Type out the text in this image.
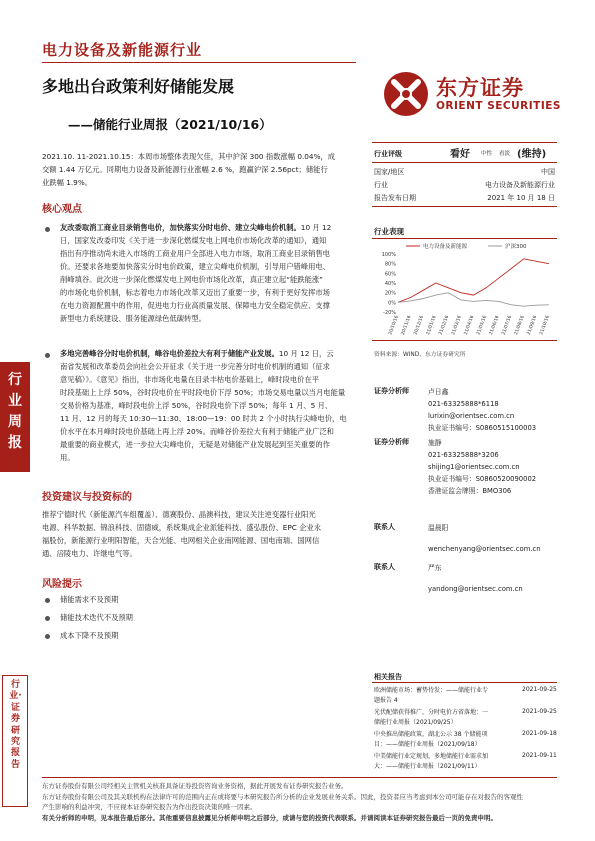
电力设备及新能源行业
多地出台政策利好储能发展
——储能行业周报（2021/10/16）
东方证券
ORIENT SECURITIES
2021.10. 11-2021.10.15：本周市场整体表现欠佳，其中沪深 300 指数涨幅 0.04%，成
交额 1.44 万亿元。同期电力设备及新能源行业涨幅 2.6 %，跑赢沪深 2.56pct；储能行
业跌幅 1.9%。
核心观点
友改委取消工商业目录销售电价，加快落实分时电价、建立尖峰电价机制。10 月 12
日，国家发改委印发《关于进一步深化燃煤发电上网电价市场化改革的通知》，通知
指出有序推动尚未进入市场的工商业用户全部进入电力市场，取消工商业目录销售电
价。还要求各地要加快落实分时电价政策，建立尖峰电价机制，引导用户错峰用电、
削峰填谷。此次进一步深化燃煤发电上网电价市场化改革，真正建立起“能跌能涨”
的市场化电价机制，标志着电力市场化改革又迈出了重要一步，有利于更好发挥市场
在电力资源配置中的作用，促进电力行业高质量发展、保障电力安全稳定供应、支撑
新型电力系统建设、服务能源绿色低碳转型。
多地完善峰谷分时电价机制，峰谷电价差拉大有利于储能产业发展。10 月 12 日，云
南省发展和改革委员会向社会公开征求《关于进一步完善分时电价机制的通知（征求
意见稿）》。《意见》指出，非市场化电量在目录丰枯电价基础上，峰时段电价在平
时段基础上上浮 50%，谷时段电价在平时段电价下浮 50%；市场交易电量以当月电能量
交易价格为基准，峰时段电价上浮 50%，谷时段电价下浮 50%；每年 1 月、5 月、
11 月、12 月的每天 10:30—11:30、18:00—19：00 时共 2 个小时执行尖峰电价，电
价水平在本月峰时段电价基础上再上浮 20%。而峰谷价差拉大有利于储能产业广泛和
最重要的商业模式，进一步拉大尖峰电价，无疑是对储能产业发展起到至关重要的作
用。
投资建议与投资标的
推荐宁德时代（新能源汽车组覆盖）、德赛股份、晶澳科技，建议关注逆变器行业阳光
电源、科华数据、锦浪科技、固德威，系统集成企业派能科技、盛弘股份、EPC 企业永
福股份，新能源行业明阳智能，天合光能、电网相关企业南网能源、国电南瑞、国网信
通、涪陵电力、许继电气等。
风险提示
储能需求不及预期
储能技术迭代不及预期
成本下降不及预期
行业周报
行业·证券研究报告
行业评级	看好 中性 看淡 (维持)
国家/地区	中国
行业	电力设备及新能源行业
报告发布日期	2021 年 10 月 18 日
行业表现
100%
80%
60%
40%
20%
0%
-20%
20/10/16 20/11/16 20/12/16 21/01/16 21/02/16 21/03/16 21/04/16 21/05/16 21/06/16 21/07/16 21/08/16 21/09/16 21/10/16
电力设备及新能源	沪深300
资料来源：WIND、东方证券研究所
证券分析师	卢日鑫
021-63325888*6118
lurixin@orientsec.com.cn
执业证书编号：S0860515100003
证券分析师	施静
021-63325888*3206
shijing1@orientsec.com.cn
执业证书编号：S0860520090002
香港证监会牌照：BMO306
联系人	温晨阳
wenchenyang@orientsec.com.cn
联系人	严东
yandong@orientsec.com.cn
相关报告
欧洲储能市场：蓄势待发：——储能行业专
题报告 4
2021-09-25
光伏配储获得推广，分时电价方省落地：一
储能行业周报（2021/09/25）
2021-09-25
中央推出储能政策，湖北公示 38 个储能项
目：——储能行业周报（2021/09/18）
2021-09-18
中美储能行业定规划，多地储能行业需求加
大：——储能行业周报（2021/09/11）
2021-09-11
东方证券股份有限公司经相关主管机关核准具备证券投资咨询业务资格，据此开展发布证券研究报告业务。
东方证券股份有限公司及其关联机构在法律许可的范围内正在或将要与本研究报告所分析的企业发展业务关系。因此，投资者应当考虑到本公司可能存在对报告的客观性
产生影响的利益冲突，不应视本证券研究报告为作出投资决策的唯一因素。
有关分析师的申明，见本报告最后部分。其他重要信息披露见分析师申明之后部分，或请与您的投资代表联系。并请阅读本证券研究报告最后一页的免责申明。
